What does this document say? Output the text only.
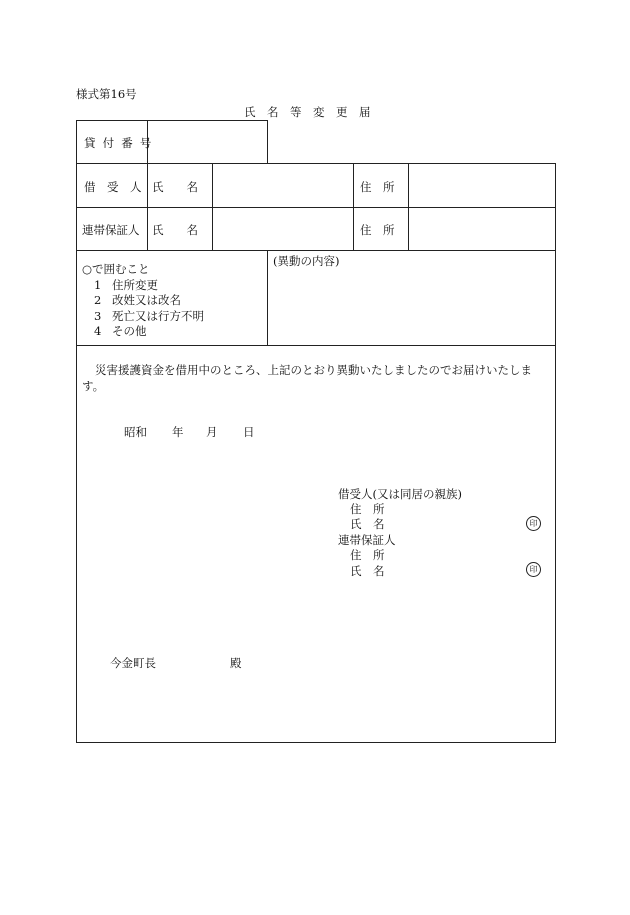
様式第16号
氏　名　等　変　更　届
貸 付 番 号
借　受　人 氏　　名	住　所
連帯保証人 氏　　名	住　所
○で囲むこと
1 住所変更
2 改姓又は改名
3 死亡又は行方不明
4 その他
(異動の内容)
災害援護資金を借用中のところ、上記のとおり異動いたしましたのでお届けいたします。
昭和 年 月 日
借受人(又は同居の親族)
住　所
氏　名	印
連帯保証人
住　所
氏　名	印
今金町長	殿
